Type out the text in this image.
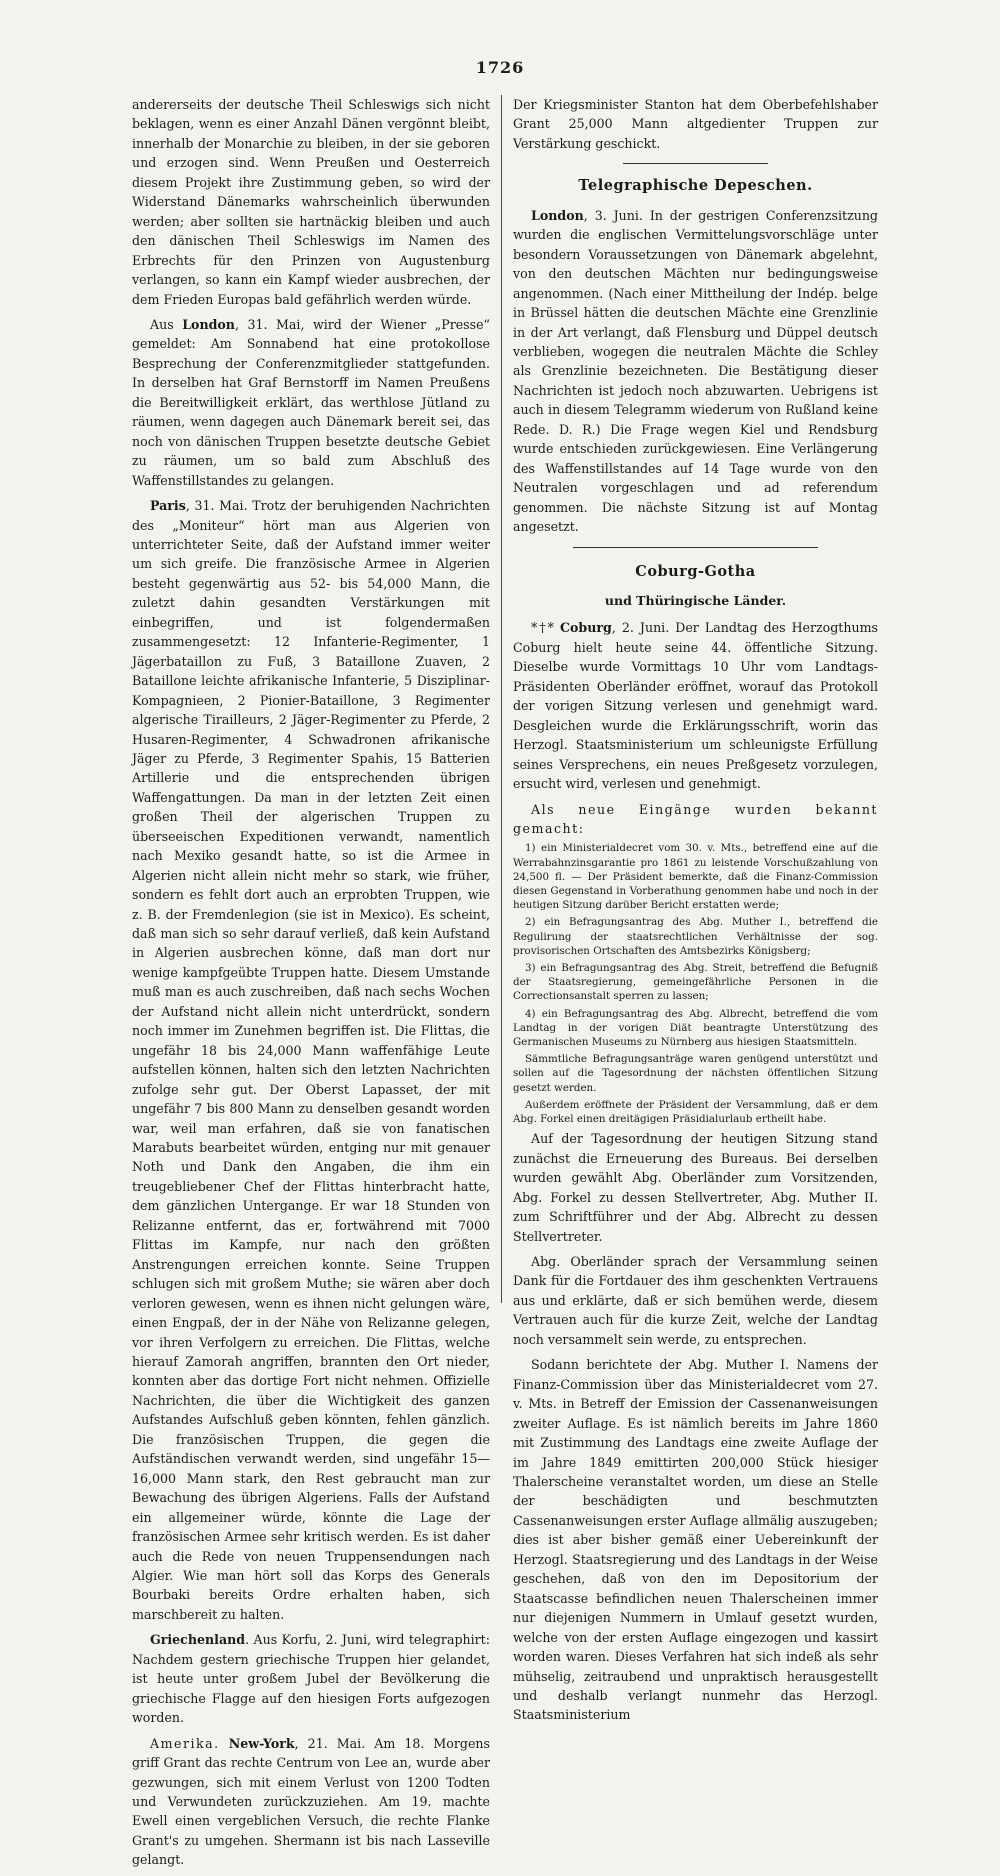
1726

andererseits der deutsche Theil Schleswigs sich nicht beklagen, wenn es einer Anzahl Dänen vergönnt bleibt, innerhalb der Monarchie zu bleiben, in der sie geboren und erzogen sind. Wenn Preußen und Oesterreich diesem Projekt ihre Zustimmung geben, so wird der Widerstand Dänemarks wahrscheinlich überwunden werden; aber sollten sie hartnäckig bleiben und auch den dänischen Theil Schleswigs im Namen des Erbrechts für den Prinzen von Augustenburg verlangen, so kann ein Kampf wieder ausbrechen, der dem Frieden Europas bald gefährlich werden würde.

Aus London, 31. Mai, wird der Wiener „Presse“ gemeldet: Am Sonnabend hat eine protokollose Besprechung der Conferenzmitglieder stattgefunden. In derselben hat Graf Bernstorff im Namen Preußens die Bereitwilligkeit erklärt, das werthlose Jütland zu räumen, wenn dagegen auch Dänemark bereit sei, das noch von dänischen Truppen besetzte deutsche Gebiet zu räumen, um so bald zum Abschluß des Waffenstillstandes zu gelangen.

Paris, 31. Mai. Trotz der beruhigenden Nachrichten des „Moniteur“ hört man aus Algerien von unterrichteter Seite, daß der Aufstand immer weiter um sich greife. Die französische Armee in Algerien besteht gegenwärtig aus 52- bis 54,000 Mann, die zuletzt dahin gesandten Verstärkungen mit einbegriffen, und ist folgendermaßen zusammengesetzt: 12 Infanterie-Regimenter, 1 Jägerbataillon zu Fuß, 3 Bataillone Zuaven, 2 Bataillone leichte afrikanische Infanterie, 5 Disziplinar-Kompagnieen, 2 Pionier-Bataillone, 3 Regimenter algerische Tirailleurs, 2 Jäger-Regimenter zu Pferde, 2 Husaren-Regimenter, 4 Schwadronen afrikanische Jäger zu Pferde, 3 Regimenter Spahis, 15 Batterien Artillerie und die entsprechenden übrigen Waffengattungen. Da man in der letzten Zeit einen großen Theil der algerischen Truppen zu überseeischen Expeditionen verwandt, namentlich nach Mexiko gesandt hatte, so ist die Armee in Algerien nicht allein nicht mehr so stark, wie früher, sondern es fehlt dort auch an erprobten Truppen, wie z. B. der Fremdenlegion (sie ist in Mexico). Es scheint, daß man sich so sehr darauf verließ, daß kein Aufstand in Algerien ausbrechen könne, daß man dort nur wenige kampfgeübte Truppen hatte. Diesem Umstande muß man es auch zuschreiben, daß nach sechs Wochen der Aufstand nicht allein nicht unterdrückt, sondern noch immer im Zunehmen begriffen ist. Die Flittas, die ungefähr 18 bis 24,000 Mann waffenfähige Leute aufstellen können, halten sich den letzten Nachrichten zufolge sehr gut. Der Oberst Lapasset, der mit ungefähr 7 bis 800 Mann zu denselben gesandt worden war, weil man erfahren, daß sie von fanatischen Marabuts bearbeitet würden, entging nur mit genauer Noth und Dank den Angaben, die ihm ein treugebliebener Chef der Flittas hinterbracht hatte, dem gänzlichen Untergange. Er war 18 Stunden von Relizanne entfernt, das er, fortwährend mit 7000 Flittas im Kampfe, nur nach den größten Anstrengungen erreichen konnte. Seine Truppen schlugen sich mit großem Muthe; sie wären aber doch verloren gewesen, wenn es ihnen nicht gelungen wäre, einen Engpaß, der in der Nähe von Relizanne gelegen, vor ihren Verfolgern zu erreichen. Die Flittas, welche hierauf Zamorah angriffen, brannten den Ort nieder, konnten aber das dortige Fort nicht nehmen. Offizielle Nachrichten, die über die Wichtigkeit des ganzen Aufstandes Aufschluß geben könnten, fehlen gänzlich. Die französischen Truppen, die gegen die Aufständischen verwandt werden, sind ungefähr 15—16,000 Mann stark, den Rest gebraucht man zur Bewachung des übrigen Algeriens. Falls der Aufstand ein allgemeiner würde, könnte die Lage der französischen Armee sehr kritisch werden. Es ist daher auch die Rede von neuen Truppensendungen nach Algier. Wie man hört soll das Korps des Generals Bourbaki bereits Ordre erhalten haben, sich marschbereit zu halten.

Griechenland. Aus Korfu, 2. Juni, wird telegraphirt: Nachdem gestern griechische Truppen hier gelandet, ist heute unter großem Jubel der Bevölkerung die griechische Flagge auf den hiesigen Forts aufgezogen worden.

Amerika. New-York, 21. Mai. Am 18. Morgens griff Grant das rechte Centrum von Lee an, wurde aber gezwungen, sich mit einem Verlust von 1200 Todten und Verwundeten zurückzuziehen. Am 19. machte Ewell einen vergeblichen Versuch, die rechte Flanke Grant's zu umgehen. Shermann ist bis nach Lasseville gelangt.

Der Kriegsminister Stanton hat dem Oberbefehlshaber Grant 25,000 Mann altgedienter Truppen zur Verstärkung geschickt.

Telegraphische Depeschen.

London, 3. Juni. In der gestrigen Conferenzsitzung wurden die englischen Vermittelungsvorschläge unter besondern Voraussetzungen von Dänemark abgelehnt, von den deutschen Mächten nur bedingungsweise angenommen. (Nach einer Mittheilung der Indép. belge in Brüssel hätten die deutschen Mächte eine Grenzlinie in der Art verlangt, daß Flensburg und Düppel deutsch verblieben, wogegen die neutralen Mächte die Schley als Grenzlinie bezeichneten. Die Bestätigung dieser Nachrichten ist jedoch noch abzuwarten. Uebrigens ist auch in diesem Telegramm wiederum von Rußland keine Rede. D. R.) Die Frage wegen Kiel und Rendsburg wurde entschieden zurückgewiesen. Eine Verlängerung des Waffenstillstandes auf 14 Tage wurde von den Neutralen vorgeschlagen und ad referendum genommen. Die nächste Sitzung ist auf Montag angesetzt.

Coburg-Gotha
und Thüringische Länder.

*†* Coburg, 2. Juni. Der Landtag des Herzogthums Coburg hielt heute seine 44. öffentliche Sitzung. Dieselbe wurde Vormittags 10 Uhr vom Landtags-Präsidenten Oberländer eröffnet, worauf das Protokoll der vorigen Sitzung verlesen und genehmigt ward. Desgleichen wurde die Erklärungsschrift, worin das Herzogl. Staatsministerium um schleunigste Erfüllung seines Versprechens, ein neues Preßgesetz vorzulegen, ersucht wird, verlesen und genehmigt.

Als neue Eingänge wurden bekannt gemacht:

1) ein Ministerialdecret vom 30. v. Mts., betreffend eine auf die Werrabahnzinsgarantie pro 1861 zu leistende Vorschußzahlung von 24,500 fl. — Der Präsident bemerkte, daß die Finanz-Commission diesen Gegenstand in Vorberathung genommen habe und noch in der heutigen Sitzung darüber Bericht erstatten werde;

2) ein Befragungsantrag des Abg. Muther I., betreffend die Regulirung der staatsrechtlichen Verhältnisse der sog. provisorischen Ortschaften des Amtsbezirks Königsberg;

3) ein Befragungsantrag des Abg. Streit, betreffend die Befugniß der Staatsregierung, gemeingefährliche Personen in die Correctionsanstalt sperren zu lassen;

4) ein Befragungsantrag des Abg. Albrecht, betreffend die vom Landtag in der vorigen Diät beantragte Unterstützung des Germanischen Museums zu Nürnberg aus hiesigen Staatsmitteln.

Sämmtliche Befragungsanträge waren genügend unterstützt und sollen auf die Tagesordnung der nächsten öffentlichen Sitzung gesetzt werden.

Außerdem eröffnete der Präsident der Versammlung, daß er dem Abg. Forkel einen dreitägigen Präsidialurlaub ertheilt habe.

Auf der Tagesordnung der heutigen Sitzung stand zunächst die Erneuerung des Bureaus. Bei derselben wurden gewählt Abg. Oberländer zum Vorsitzenden, Abg. Forkel zu dessen Stellvertreter, Abg. Muther II. zum Schriftführer und der Abg. Albrecht zu dessen Stellvertreter.

Abg. Oberländer sprach der Versammlung seinen Dank für die Fortdauer des ihm geschenkten Vertrauens aus und erklärte, daß er sich bemühen werde, diesem Vertrauen auch für die kurze Zeit, welche der Landtag noch versammelt sein werde, zu entsprechen.

Sodann berichtete der Abg. Muther I. Namens der Finanz-Commission über das Ministerialdecret vom 27. v. Mts. in Betreff der Emission der Cassenanweisungen zweiter Auflage. Es ist nämlich bereits im Jahre 1860 mit Zustimmung des Landtags eine zweite Auflage der im Jahre 1849 emittirten 200,000 Stück hiesiger Thalerscheine veranstaltet worden, um diese an Stelle der beschädigten und beschmutzten Cassenanweisungen erster Auflage allmälig auszugeben; dies ist aber bisher gemäß einer Uebereinkunft der Herzogl. Staatsregierung und des Landtags in der Weise geschehen, daß von den im Depositorium der Staatscasse befindlichen neuen Thalerscheinen immer nur diejenigen Nummern in Umlauf gesetzt wurden, welche von der ersten Auflage eingezogen und kassirt worden waren. Dieses Verfahren hat sich indeß als sehr mühselig, zeitraubend und unpraktisch herausgestellt und deshalb verlangt nunmehr das Herzogl. Staatsministerium
